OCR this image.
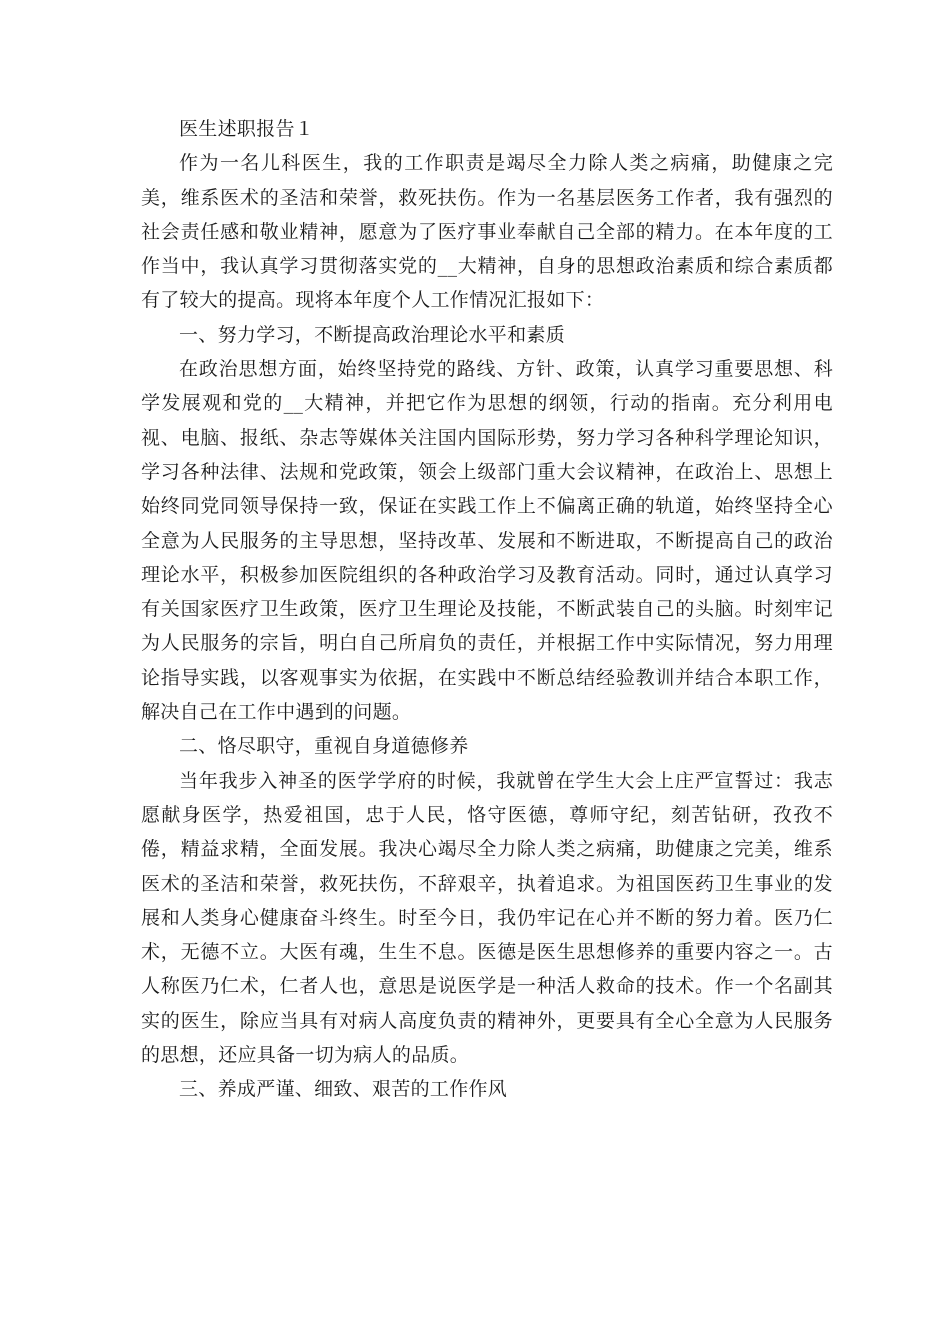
医生述职报告１

作为一名儿科医生，我的工作职责是竭尽全力除人类之病痛，助健康之完美，维系医术的圣洁和荣誉，救死扶伤。作为一名基层医务工作者，我有强烈的社会责任感和敬业精神，愿意为了医疗事业奉献自己全部的精力。在本年度的工作当中，我认真学习贯彻落实党的__大精神，自身的思想政治素质和综合素质都有了较大的提高。现将本年度个人工作情况汇报如下：

一、努力学习，不断提高政治理论水平和素质

在政治思想方面，始终坚持党的路线、方针、政策，认真学习重要思想、科学发展观和党的__大精神，并把它作为思想的纲领，行动的指南。充分利用电视、电脑、报纸、杂志等媒体关注国内国际形势，努力学习各种科学理论知识，学习各种法律、法规和党政策，领会上级部门重大会议精神，在政治上、思想上始终同党同领导保持一致，保证在实践工作上不偏离正确的轨道，始终坚持全心全意为人民服务的主导思想，坚持改革、发展和不断进取，不断提高自己的政治理论水平，积极参加医院组织的各种政治学习及教育活动。同时，通过认真学习有关国家医疗卫生政策，医疗卫生理论及技能，不断武装自己的头脑。时刻牢记为人民服务的宗旨，明白自己所肩负的责任，并根据工作中实际情况，努力用理论指导实践，以客观事实为依据，在实践中不断总结经验教训并结合本职工作，解决自己在工作中遇到的问题。

二、恪尽职守，重视自身道德修养

当年我步入神圣的医学学府的时候，我就曾在学生大会上庄严宣誓过：我志愿献身医学，热爱祖国，忠于人民，恪守医德，尊师守纪，刻苦钻研，孜孜不倦，精益求精，全面发展。我决心竭尽全力除人类之病痛，助健康之完美，维系医术的圣洁和荣誉，救死扶伤，不辞艰辛，执着追求。为祖国医药卫生事业的发展和人类身心健康奋斗终生。时至今日，我仍牢记在心并不断的努力着。医乃仁术，无德不立。大医有魂，生生不息。医德是医生思想修养的重要内容之一。古人称医乃仁术，仁者人也，意思是说医学是一种活人救命的技术。作一个名副其实的医生，除应当具有对病人高度负责的精神外，更要具有全心全意为人民服务的思想，还应具备一切为病人的品质。

三、养成严谨、细致、艰苦的工作作风
